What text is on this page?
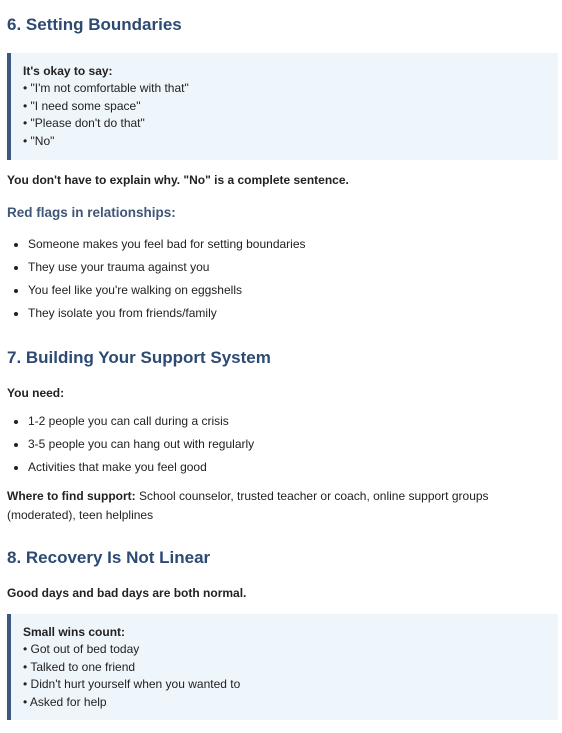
6. Setting Boundaries
It's okay to say:
• "I'm not comfortable with that"
• "I need some space"
• "Please don't do that"
• "No"

You don't have to explain why. "No" is a complete sentence.

Red flags in relationships:
• Someone makes you feel bad for setting boundaries
• They use your trauma against you
• You feel like you're walking on eggshells
• They isolate you from friends/family
7. Building Your Support System

You need:

• 1-2 people you can call during a crisis
• 3-5 people you can hang out with regularly
• Activities that make you feel good

Where to find support: School counselor, trusted teacher or coach, online support groups (moderated), teen helplines

8. Recovery Is Not Linear

Good days and bad days are both normal.

Small wins count:
• Got out of bed today
• Talked to one friend
• Didn't hurt yourself when you wanted to
• Asked for help
